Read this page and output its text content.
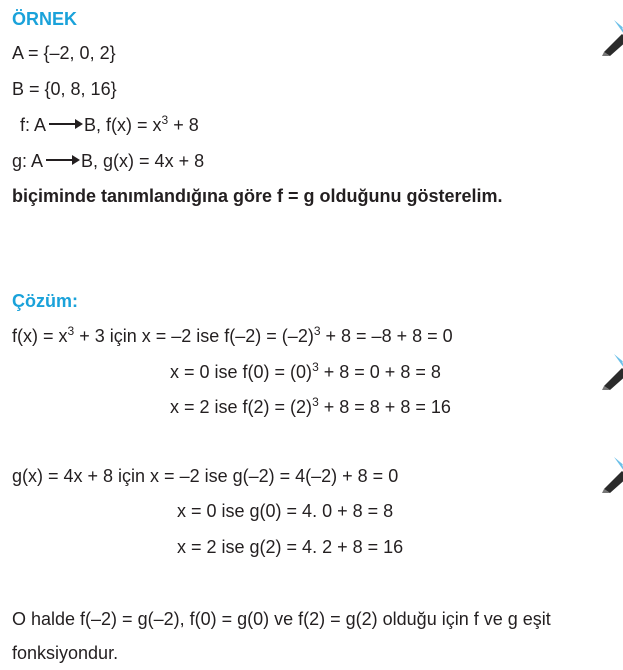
ÖRNEK
A = {–2, 0, 2}
B = {0, 8, 16}
f: A B, $f(x) = x^3 + 8$
g: A B, g(x) = 4x + 8
biçiminde tanımlandığına göre f = g olduğunu gösterelim.
Çözüm:
$f(x) = x^3 + 3$ için x = –2 ise $f(-2) = (-2)^3 + 8 = -8 + 8 = 0$
x = 0 ise $f(0) = (0)^3 + 8 = 0 + 8 = 8$
x = 2 ise $f(2) = (2)^3 + 8 = 8 + 8 = 16$
g(x) = 4x + 8 için x = –2 ise g(–2) = 4(–2) + 8 = 0
x = 0 ise g(0) = 4. 0 + 8 = 8
x = 2 ise g(2) = 4. 2 + 8 = 16
O halde f(–2) = g(–2), f(0) = g(0) ve f(2) = g(2) olduğu için f ve g eşit
fonksiyondur.
